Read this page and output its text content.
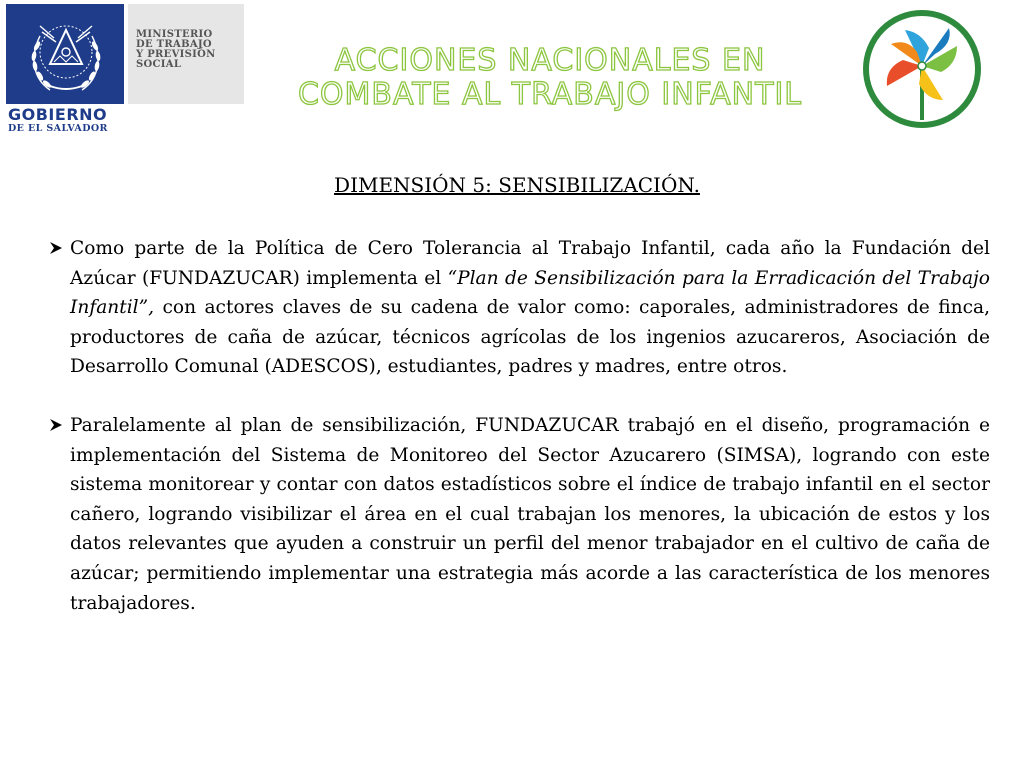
MINISTERIO
DE TRABAJO
Y PREVISIÓN
SOCIAL
GOBIERNO
DE EL SALVADOR
ACCIONES NACIONALES EN COMBATE AL TRABAJO INFANTIL
DIMENSIÓN 5: SENSIBILIZACIÓN.
Como parte de la Política de Cero Tolerancia al Trabajo Infantil, cada año la Fundación del Azúcar (FUNDAZUCAR) implementa el “Plan de Sensibilización para la Erradicación del Trabajo Infantil”, con actores claves de su cadena de valor como: caporales, administradores de finca, productores de caña de azúcar, técnicos agrícolas de los ingenios azucareros, Asociación de Desarrollo Comunal (ADESCOS), estudiantes, padres y madres, entre otros.
Paralelamente al plan de sensibilización, FUNDAZUCAR trabajó en el diseño, programación e implementación del Sistema de Monitoreo del Sector Azucarero (SIMSA), logrando con este sistema monitorear y contar con datos estadísticos sobre el índice de trabajo infantil en el sector cañero, logrando visibilizar el área en el cual trabajan los menores, la ubicación de estos y los datos relevantes que ayuden a construir un perfil del menor trabajador en el cultivo de caña de azúcar; permitiendo implementar una estrategia más acorde a las característica de los menores trabajadores.
